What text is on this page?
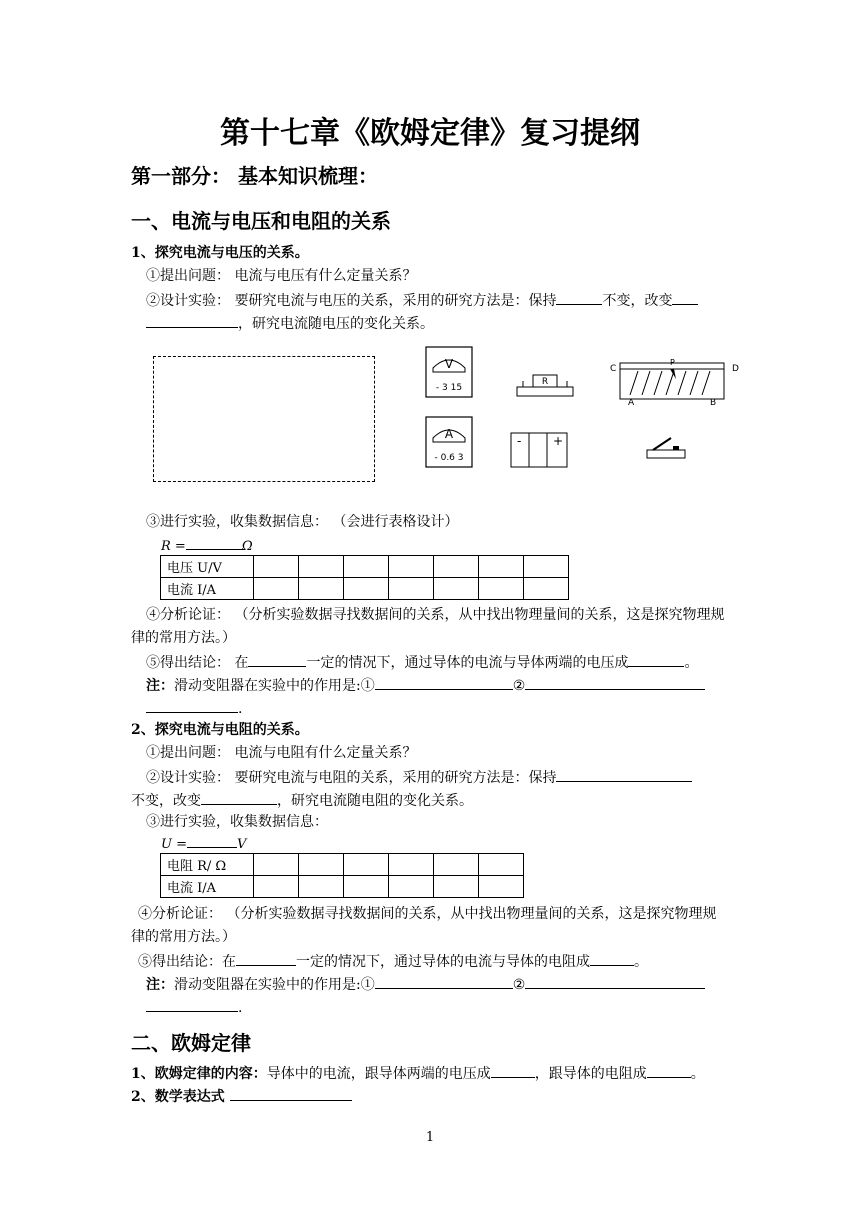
第十七章《欧姆定律》复习提纲
第一部分： 基本知识梳理：
一、电流与电压和电阻的关系
1、探究电流与电压的关系。
①提出问题： 电流与电压有什么定量关系？
②设计实验： 要研究电流与电压的关系，采用的研究方法是：保持	不变，改变
，研究电流随电压的变化关系。
V
- 3 15
A
- 0.6 3
R
C	D
A	B
P
-	+
③进行实验，收集数据信息： （会进行表格设计）
R =	Ω
电压 U/V							
电流 I/A							
④分析论证： （分析实验数据寻找数据间的关系，从中找出物理量间的关系，这是探究物理规
律的常用方法。）
⑤得出结论： 在	一定的情况下，通过导体的电流与导体两端的电压成	。
注：滑动变阻器在实验中的作用是:①	②
.
2、探究电流与电阻的关系。
①提出问题： 电流与电阻有什么定量关系？
②设计实验： 要研究电流与电阻的关系，采用的研究方法是：保持
不变，改变	，研究电流随电阻的变化关系。
③进行实验，收集数据信息：
U =	V
电阻 R/ Ω						
电流 I/A						
④分析论证： （分析实验数据寻找数据间的关系，从中找出物理量间的关系，这是探究物理规
律的常用方法。）
⑤得出结论：在	一定的情况下，通过导体的电流与导体的电阻成	。
注：滑动变阻器在实验中的作用是:①	②
.
二、欧姆定律
1、欧姆定律的内容：导体中的电流，跟导体两端的电压成	，跟导体的电阻成	。
2、数学表达式
1
